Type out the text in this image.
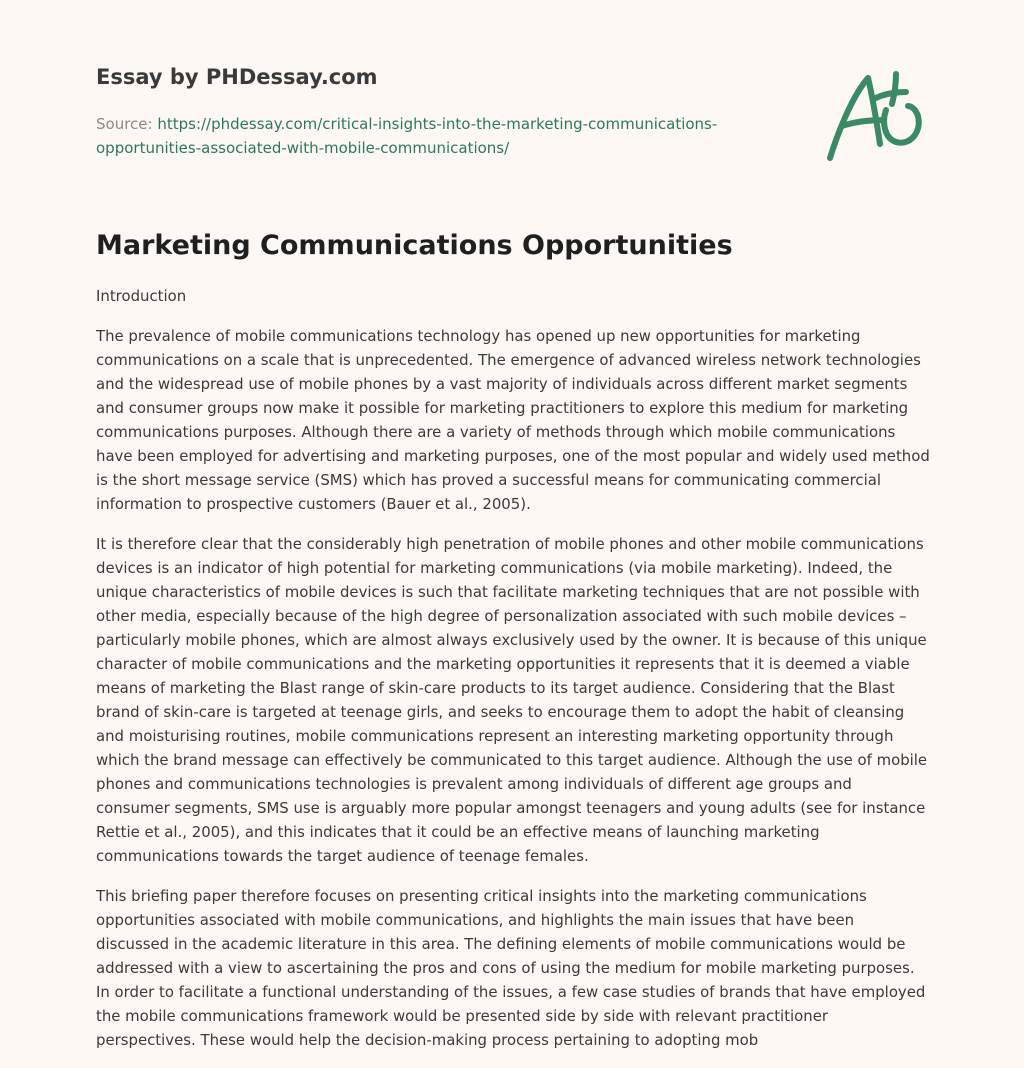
Essay by PHDessay.com
Source: https://phdessay.com/critical-insights-into-the-marketing-communications-
opportunities-associated-with-mobile-communications/
Marketing Communications Opportunities

Introduction

The prevalence of mobile communications technology has opened up new opportunities for marketing communications on a scale that is unprecedented. The emergence of advanced wireless network technologies and the widespread use of mobile phones by a vast majority of individuals across different market segments and consumer groups now make it possible for marketing practitioners to explore this medium for marketing communications purposes. Although there are a variety of methods through which mobile communications have been employed for advertising and marketing purposes, one of the most popular and widely used method is the short message service (SMS) which has proved a successful means for communicating commercial information to prospective customers (Bauer et al., 2005).

It is therefore clear that the considerably high penetration of mobile phones and other mobile communications devices is an indicator of high potential for marketing communications (via mobile marketing). Indeed, the unique characteristics of mobile devices is such that facilitate marketing techniques that are not possible with other media, especially because of the high degree of personalization associated with such mobile devices – particularly mobile phones, which are almost always exclusively used by the owner. It is because of this unique character of mobile communications and the marketing opportunities it represents that it is deemed a viable means of marketing the Blast range of skin-care products to its target audience. Considering that the Blast brand of skin-care is targeted at teenage girls, and seeks to encourage them to adopt the habit of cleansing and moisturising routines, mobile communications represent an interesting marketing opportunity through which the brand message can effectively be communicated to this target audience. Although the use of mobile phones and communications technologies is prevalent among individuals of different age groups and consumer segments, SMS use is arguably more popular amongst teenagers and young adults (see for instance Rettie et al., 2005), and this indicates that it could be an effective means of launching marketing communications towards the target audience of teenage females.

This briefing paper therefore focuses on presenting critical insights into the marketing communications opportunities associated with mobile communications, and highlights the main issues that have been discussed in the academic literature in this area. The defining elements of mobile communications would be addressed with a view to ascertaining the pros and cons of using the medium for mobile marketing purposes. In order to facilitate a functional understanding of the issues, a few case studies of brands that have employed the mobile communications framework would be presented side by side with relevant practitioner perspectives. These would help the decision-making process pertaining to adopting mob
